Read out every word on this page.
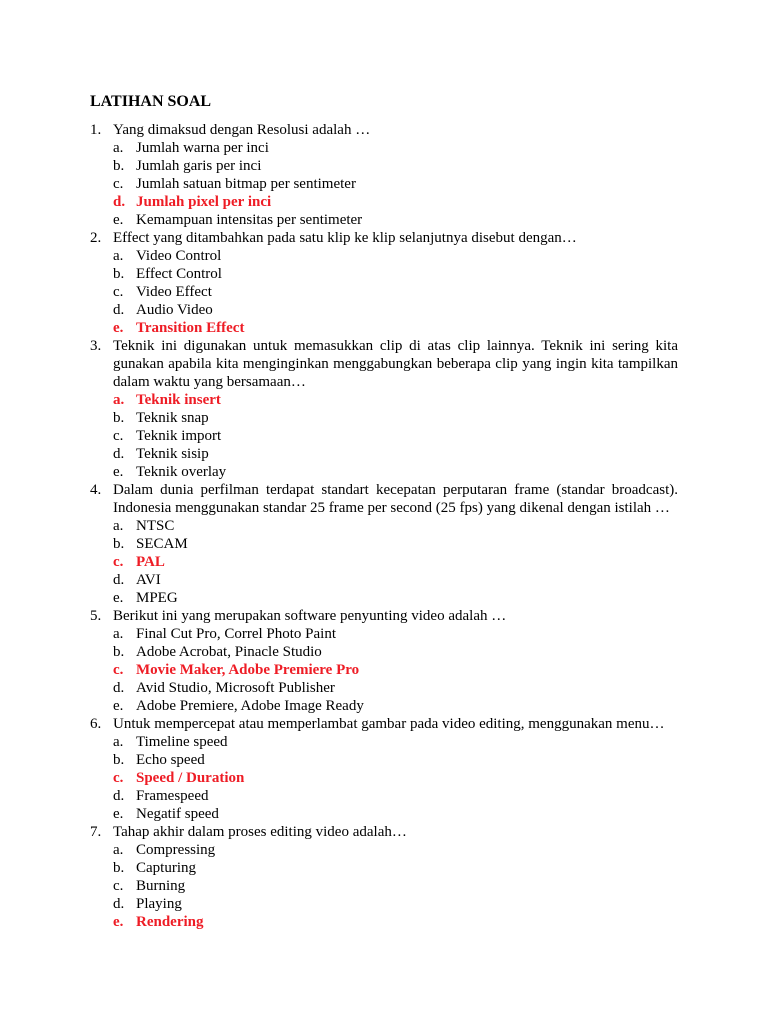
LATIHAN SOAL
1. Yang dimaksud dengan Resolusi adalah …
a. Jumlah warna per inci
b. Jumlah garis per inci
c. Jumlah satuan bitmap per sentimeter
d. Jumlah pixel per inci
e. Kemampuan intensitas per sentimeter
2. Effect yang ditambahkan pada satu klip ke klip selanjutnya disebut dengan…
a. Video Control
b. Effect Control
c. Video Effect
d. Audio Video
e. Transition Effect
3. Teknik ini digunakan untuk memasukkan clip di atas clip lainnya. Teknik ini sering kita gunakan apabila kita menginginkan menggabungkan beberapa clip yang ingin kita tampilkan dalam waktu yang bersamaan…
a. Teknik insert
b. Teknik snap
c. Teknik import
d. Teknik sisip
e. Teknik overlay
4. Dalam dunia perfilman terdapat standart kecepatan perputaran frame (standar broadcast). Indonesia menggunakan standar 25 frame per second (25 fps) yang dikenal dengan istilah …
a. NTSC
b. SECAM
c. PAL
d. AVI
e. MPEG
5. Berikut ini yang merupakan software penyunting video adalah …
a. Final Cut Pro, Correl Photo Paint
b. Adobe Acrobat, Pinacle Studio
c. Movie Maker, Adobe Premiere Pro
d. Avid Studio, Microsoft Publisher
e. Adobe Premiere, Adobe Image Ready
6. Untuk mempercepat atau memperlambat gambar pada video editing, menggunakan menu…
a. Timeline speed
b. Echo speed
c. Speed / Duration
d. Framespeed
e. Negatif speed
7. Tahap akhir dalam proses editing video adalah…
a. Compressing
b. Capturing
c. Burning
d. Playing
e. Rendering
